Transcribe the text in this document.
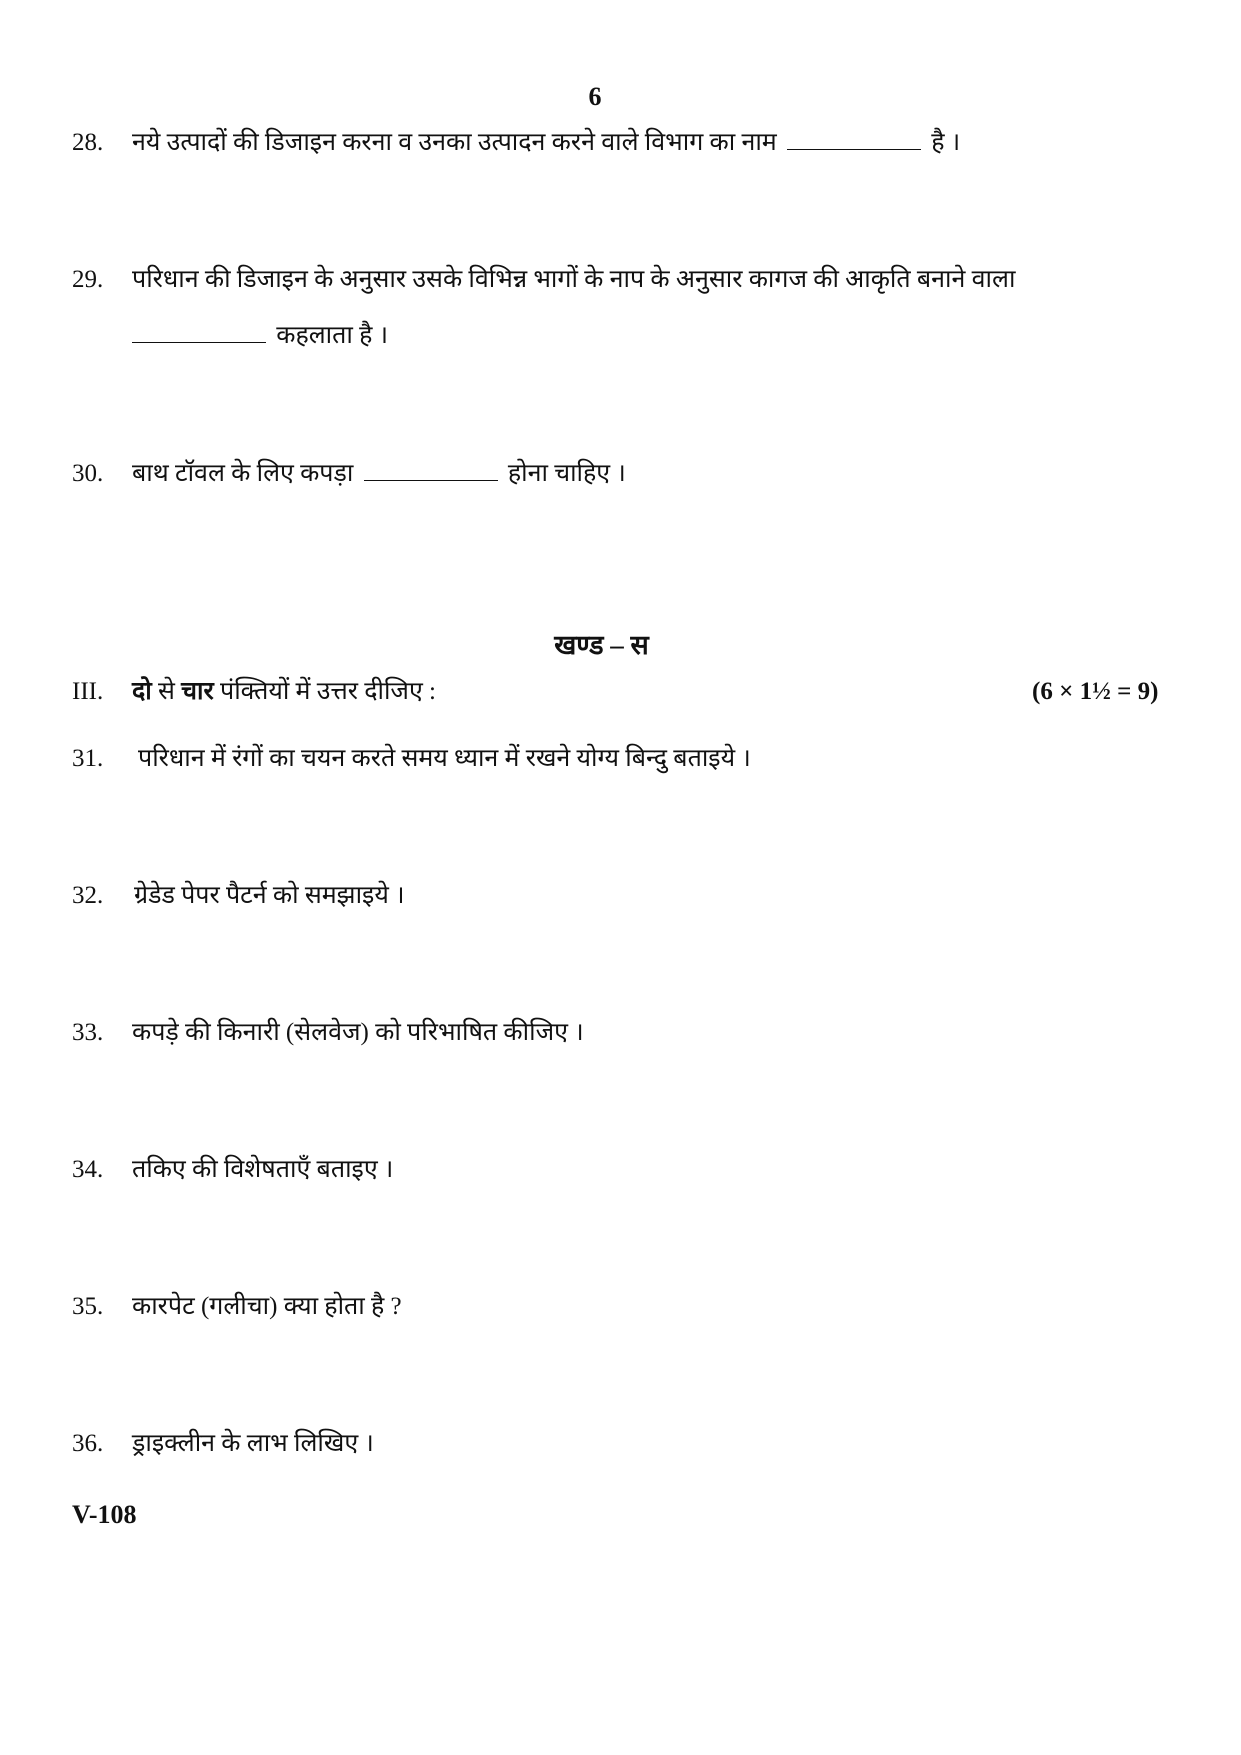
6
28. नये उत्पादों की डिजाइन करना व उनका उत्पादन करने वाले विभाग का नाम	है ।
29. परिधान की डिजाइन के अनुसार उसके विभिन्न भागों के नाप के अनुसार कागज की आकृति बनाने वाला
कहलाता है ।
30. बाथ टॉवल के लिए कपड़ा	होना चाहिए ।
खण्ड – स
III. दो से चार पंक्तियों में उत्तर दीजिए :	(6 × 1½ = 9)
31. परिधान में रंगों का चयन करते समय ध्यान में रखने योग्य बिन्दु बताइये ।
32. ग्रेडेड पेपर पैटर्न को समझाइये ।
33. कपड़े की किनारी (सेलवेज) को परिभाषित कीजिए ।
34. तकिए की विशेषताएँ बताइए ।
35. कारपेट (गलीचा) क्या होता है ?
36. ड्राइक्लीन के लाभ लिखिए ।
V-108
